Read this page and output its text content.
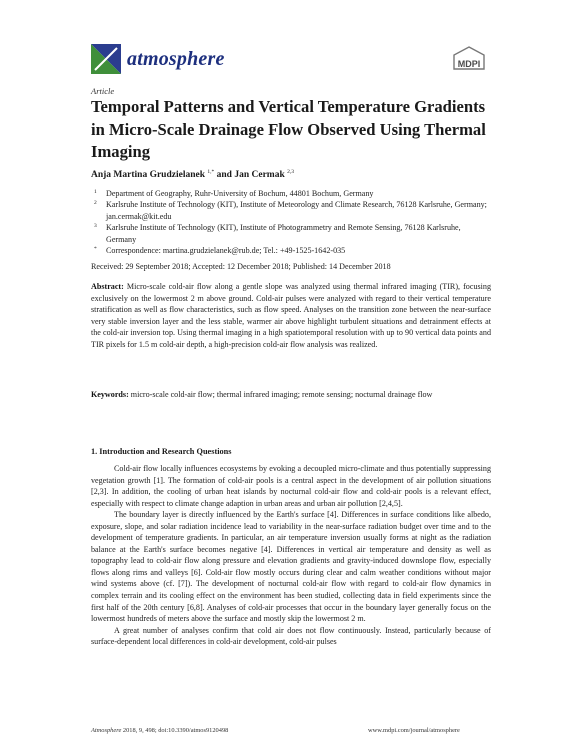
atmosphere	MDPI
Article
Temporal Patterns and Vertical Temperature Gradients in Micro-Scale Drainage Flow Observed Using Thermal Imaging
Anja Martina Grudzielanek $^{1,*}$ and Jan Cermak $^{2,3}$
1 Department of Geography, Ruhr-University of Bochum, 44801 Bochum, Germany
2 Karlsruhe Institute of Technology (KIT), Institute of Meteorology and Climate Research, 76128 Karlsruhe, Germany; jan.cermak@kit.edu
3 Karlsruhe Institute of Technology (KIT), Institute of Photogrammetry and Remote Sensing, 76128 Karlsruhe, Germany
* Correspondence: martina.grudzielanek@rub.de; Tel.: +49-1525-1642-035
Received: 29 September 2018; Accepted: 12 December 2018; Published: 14 December 2018
Abstract: Micro-scale cold-air flow along a gentle slope was analyzed using thermal infrared imaging (TIR), focusing exclusively on the lowermost 2 m above ground. Cold-air pulses were analyzed with regard to their vertical temperature stratification as well as flow characteristics, such as flow speed. Analyses on the transition zone between the near-surface very stable inversion layer and the less stable, warmer air above highlight turbulent situations and detrainment effects at the cold-air inversion top. Using thermal imaging in a high spatiotemporal resolution with up to 90 vertical data points and TIR pixels for 1.5 m cold-air depth, a high-precision cold-air flow analysis was realized.
Keywords: micro-scale cold-air flow; thermal infrared imaging; remote sensing; nocturnal drainage flow
1. Introduction and Research Questions

Cold-air flow locally influences ecosystems by evoking a decoupled micro-climate and thus potentially suppressing vegetation growth [1]. The formation of cold-air pools is a central aspect in the development of air pollution situations [2,3]. In addition, the cooling of urban heat islands by nocturnal cold-air flow and cold-air pools is a relevant effect, especially with respect to climate change adaption in urban areas and urban air pollution [2,4,5].

The boundary layer is directly influenced by the Earth's surface [4]. Differences in surface conditions like albedo, exposure, slope, and solar radiation incidence lead to variability in the near-surface radiation budget over time and to the development of temperature gradients. In particular, an air temperature inversion usually forms at night as the radiation balance at the Earth's surface becomes negative [4]. Differences in vertical air temperature and density as well as topography lead to cold-air flow along pressure and elevation gradients and gravity-induced downslope flow, especially flows along rims and valleys [6]. Cold-air flow mostly occurs during clear and calm weather conditions without major wind systems above (cf. [7]). The development of nocturnal cold-air flow with regard to cold-air flow dynamics in complex terrain and its cooling effect on the environment has been studied, collecting data in field experiments since the first half of the 20th century [6,8]. Analyses of cold-air processes that occur in the boundary layer generally focus on the lowermost hundreds of meters above the surface and mostly skip the lowermost 2 m.

A great number of analyses confirm that cold air does not flow continuously. Instead, particularly because of surface-dependent local differences in cold-air development, cold-air pulses

Atmosphere 2018, 9, 498; doi:10.3390/atmos9120498	www.mdpi.com/journal/atmosphere
